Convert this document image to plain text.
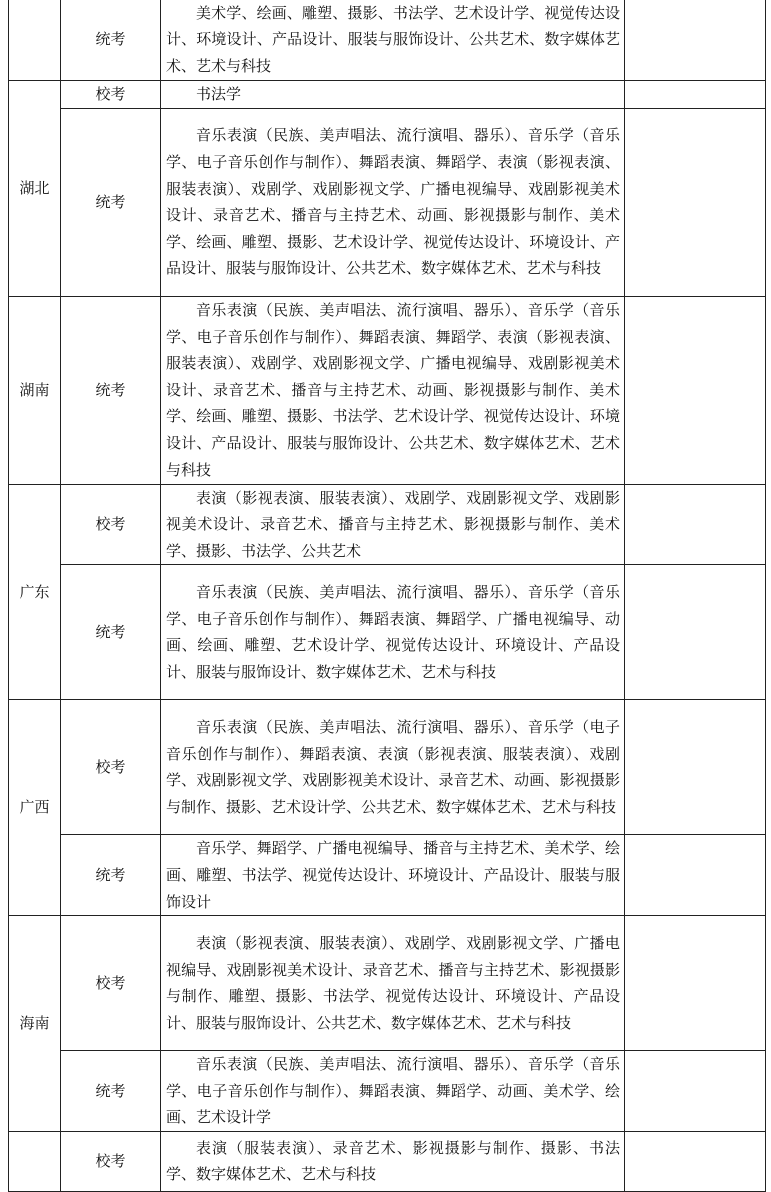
	统考	美术学、绘画、雕塑、摄影、书法学、艺术设计学、视觉传达设计、环境设计、产品设计、服装与服饰设计、公共艺术、数字媒体艺术、艺术与科技	

湖北	校考	书法学	

	统考	音乐表演（民族、美声唱法、流行演唱、器乐）、音乐学（音乐学、电子音乐创作与制作）、舞蹈表演、舞蹈学、表演（影视表演、服装表演）、戏剧学、戏剧影视文学、广播电视编导、戏剧影视美术设计、录音艺术、播音与主持艺术、动画、影视摄影与制作、美术学、绘画、雕塑、摄影、艺术设计学、视觉传达设计、环境设计、产品设计、服装与服饰设计、公共艺术、数字媒体艺术、艺术与科技	

湖南	统考	音乐表演（民族、美声唱法、流行演唱、器乐）、音乐学（音乐学、电子音乐创作与制作）、舞蹈表演、舞蹈学、表演（影视表演、服装表演）、戏剧学、戏剧影视文学、广播电视编导、戏剧影视美术设计、录音艺术、播音与主持艺术、动画、影视摄影与制作、美术学、绘画、雕塑、摄影、书法学、艺术设计学、视觉传达设计、环境设计、产品设计、服装与服饰设计、公共艺术、数字媒体艺术、艺术与科技	

广东	校考	表演（影视表演、服装表演）、戏剧学、戏剧影视文学、戏剧影视美术设计、录音艺术、播音与主持艺术、影视摄影与制作、美术学、摄影、书法学、公共艺术	

	统考	音乐表演（民族、美声唱法、流行演唱、器乐）、音乐学（音乐学、电子音乐创作与制作）、舞蹈表演、舞蹈学、广播电视编导、动画、绘画、雕塑、艺术设计学、视觉传达设计、环境设计、产品设计、服装与服饰设计、数字媒体艺术、艺术与科技	

广西	校考	音乐表演（民族、美声唱法、流行演唱、器乐）、音乐学（电子音乐创作与制作）、舞蹈表演、表演（影视表演、服装表演）、戏剧学、戏剧影视文学、戏剧影视美术设计、录音艺术、动画、影视摄影与制作、摄影、艺术设计学、公共艺术、数字媒体艺术、艺术与科技	

	统考	音乐学、舞蹈学、广播电视编导、播音与主持艺术、美术学、绘画、雕塑、书法学、视觉传达设计、环境设计、产品设计、服装与服饰设计	

海南	校考	表演（影视表演、服装表演）、戏剧学、戏剧影视文学、广播电视编导、戏剧影视美术设计、录音艺术、播音与主持艺术、影视摄影与制作、雕塑、摄影、书法学、视觉传达设计、环境设计、产品设计、服装与服饰设计、公共艺术、数字媒体艺术、艺术与科技	

	统考	音乐表演（民族、美声唱法、流行演唱、器乐）、音乐学（音乐学、电子音乐创作与制作）、舞蹈表演、舞蹈学、动画、美术学、绘画、艺术设计学	

	校考	表演（服装表演）、录音艺术、影视摄影与制作、摄影、书法学、数字媒体艺术、艺术与科技	
